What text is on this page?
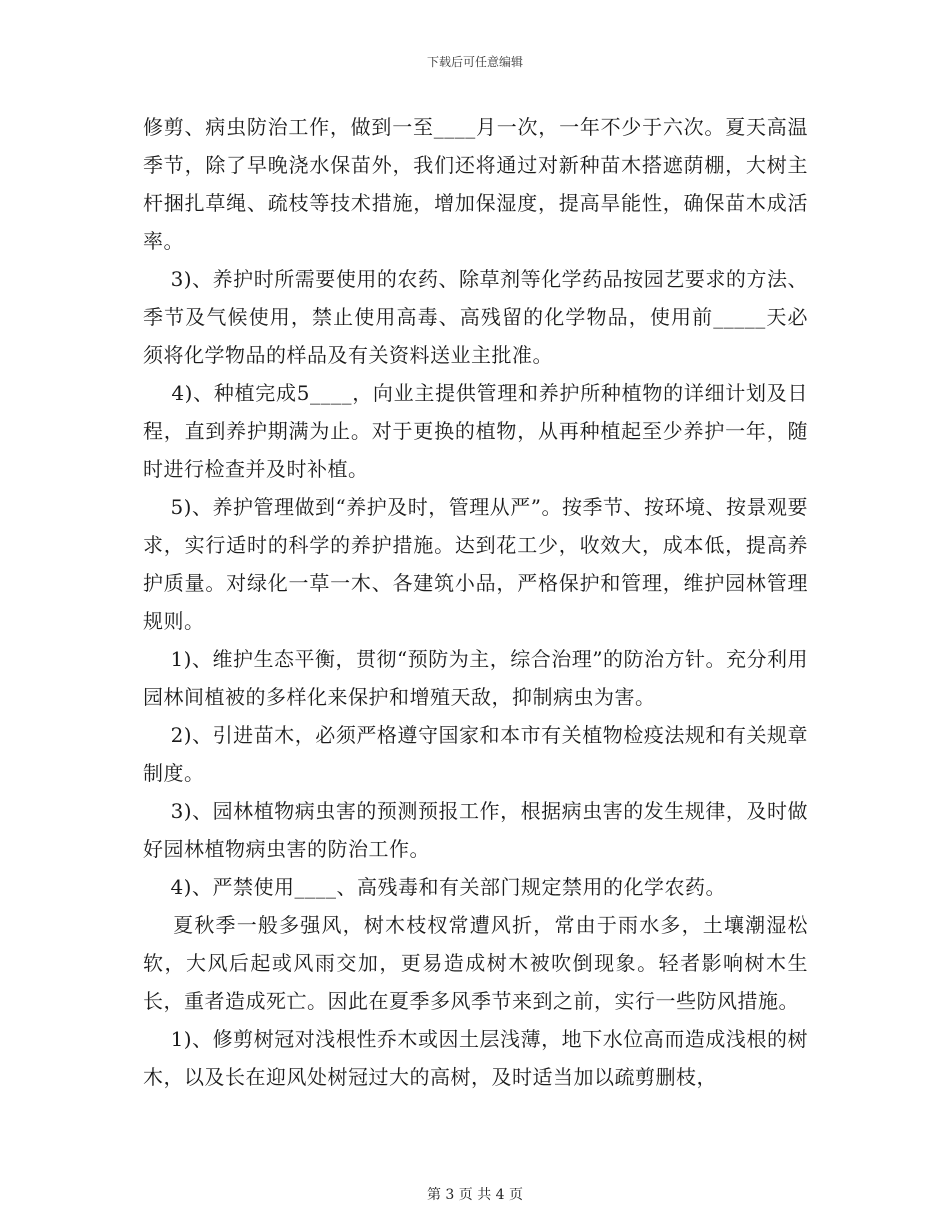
下载后可任意编辑

修剪、病虫防治工作，做到一至____月一次，一年不少于六次。夏天高温季节，除了早晚浇水保苗外，我们还将通过对新种苗木搭遮荫棚，大树主杆捆扎草绳、疏枝等技术措施，增加保湿度，提高旱能性，确保苗木成活率。

3)、养护时所需要使用的农药、除草剂等化学药品按园艺要求的方法、季节及气候使用，禁止使用高毒、高残留的化学物品，使用前_____天必须将化学物品的样品及有关资料送业主批准。

4)、种植完成5____，向业主提供管理和养护所种植物的详细计划及日程，直到养护期满为止。对于更换的植物，从再种植起至少养护一年，随时进行检查并及时补植。

5)、养护管理做到“养护及时，管理从严”。按季节、按环境、按景观要求，实行适时的科学的养护措施。达到花工少，收效大，成本低，提高养护质量。对绿化一草一木、各建筑小品，严格保护和管理，维护园林管理规则。

1)、维护生态平衡，贯彻“预防为主，综合治理”的防治方针。充分利用园林间植被的多样化来保护和增殖天敌，抑制病虫为害。

2)、引进苗木，必须严格遵守国家和本市有关植物检疫法规和有关规章制度。

3)、园林植物病虫害的预测预报工作，根据病虫害的发生规律，及时做好园林植物病虫害的防治工作。

4)、严禁使用____、高残毒和有关部门规定禁用的化学农药。

夏秋季一般多强风，树木枝杈常遭风折，常由于雨水多，土壤潮湿松软，大风后起或风雨交加，更易造成树木被吹倒现象。轻者影响树木生长，重者造成死亡。因此在夏季多风季节来到之前，实行一些防风措施。

1)、修剪树冠对浅根性乔木或因土层浅薄，地下水位高而造成浅根的树木，以及长在迎风处树冠过大的高树，及时适当加以疏剪删枝，

第 3 页 共 4 页
